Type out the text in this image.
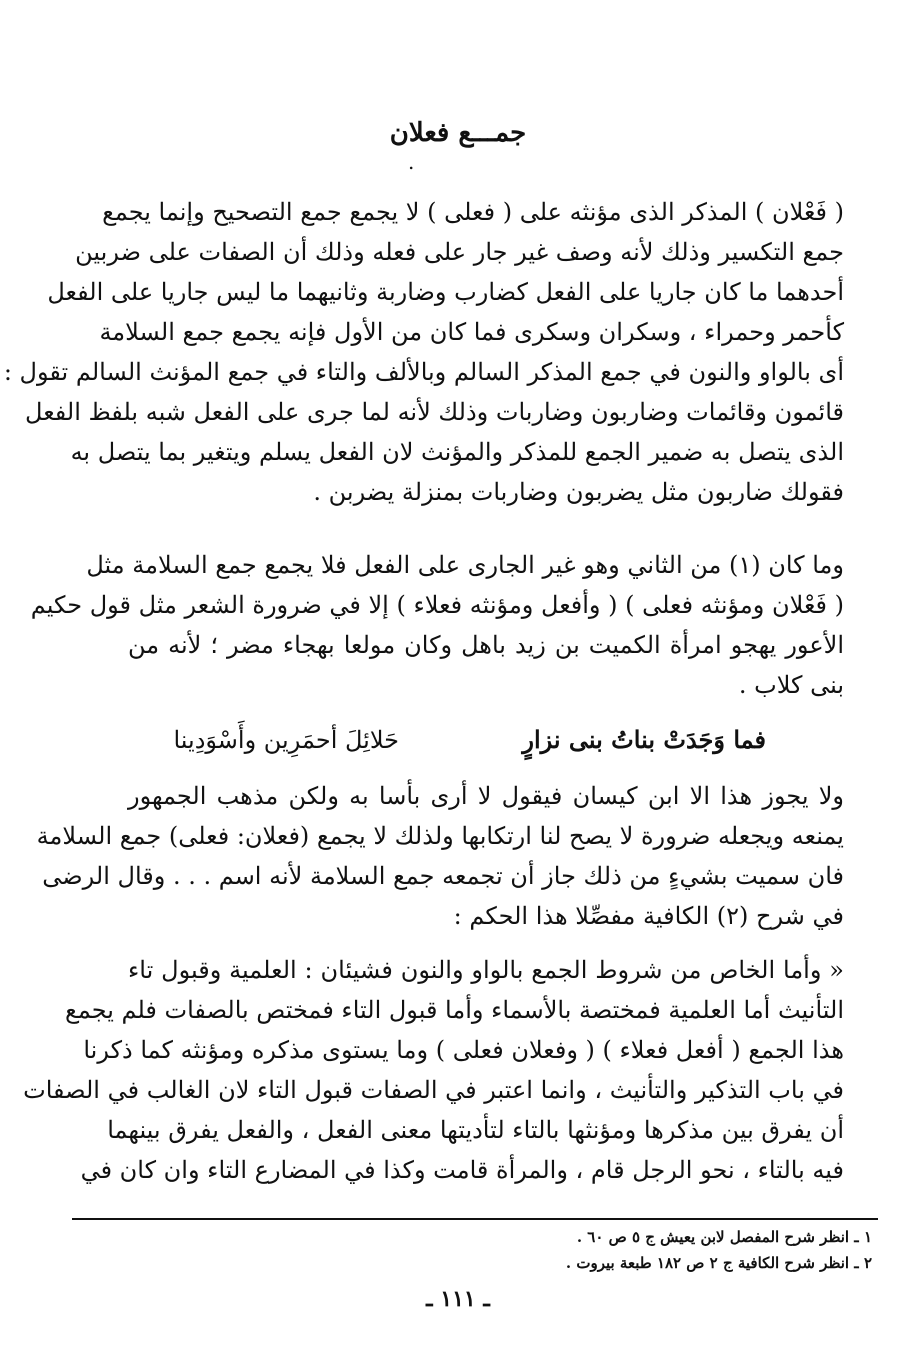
جمـــع فعلان
.
( فَعْلان ) المذكر الذى مؤنثه على ( فعلى ) لا يجمع جمع التصحيح وإنما يجمع
جمع التكسير وذلك لأنه وصف غير جار على فعله وذلك أن الصفات على ضربين
أحدهما ما كان جاريا على الفعل كضارب وضاربة وثانيهما ما ليس جاريا على الفعل
كأحمر وحمراء ، وسكران وسكرى فما كان من الأول فإنه يجمع جمع السلامة
أى بالواو والنون في جمع المذكر السالم وبالألف والتاء في جمع المؤنث السالم تقول :
قائمون وقائمات وضاربون وضاربات وذلك لأنه لما جرى على الفعل شبه بلفظ الفعل
الذى يتصل به ضمير الجمع للمذكر والمؤنث لان الفعل يسلم ويتغير بما يتصل به
فقولك ضاربون مثل يضربون وضاربات بمنزلة يضربن .
وما كان (١) من الثاني وهو غير الجارى على الفعل فلا يجمع جمع السلامة مثل
( فَعْلان ومؤنثه فعلى ) ( وأفعل ومؤنثه فعلاء ) إلا في ضرورة الشعر مثل قول حكيم
الأعور يهجو امرأة الكميت بن زيد باهل وكان مولعا بهجاء مضر ؛ لأنه من
بنى كلاب .
فما وَجَدَتْ بناتُ بنى نزارٍ
حَلائِلَ أحمَرِين وأَسْوَدِينا
ولا يجوز هذا الا ابن كيسان فيقول لا أرى بأسا به ولكن مذهب الجمهور
يمنعه ويجعله ضرورة لا يصح لنا ارتكابها ولذلك لا يجمع (فعلان: فعلى) جمع السلامة
فان سميت بشيءٍ من ذلك جاز أن تجمعه جمع السلامة لأنه اسم . . . وقال الرضى
في شرح (٢) الكافية مفصِّلا هذا الحكم :
« وأما الخاص من شروط الجمع بالواو والنون فشيئان : العلمية وقبول تاء
التأنيث أما العلمية فمختصة بالأسماء وأما قبول التاء فمختص بالصفات فلم يجمع
هذا الجمع ( أفعل فعلاء ) ( وفعلان فعلى ) وما يستوى مذكره ومؤنثه كما ذكرنا
في باب التذكير والتأنيث ، وانما اعتبر في الصفات قبول التاء لان الغالب في الصفات
أن يفرق بين مذكرها ومؤنثها بالتاء لتأديتها معنى الفعل ، والفعل يفرق بينهما
فيه بالتاء ، نحو الرجل قام ، والمرأة قامت وكذا في المضارع التاء وان كان في
١ ـ انظر شرح المفصل لابن يعيش ج ٥ ص ٦٠ .
٢ ـ انظر شرح الكافية ج ٢ ص ١٨٢ طبعة بيروت .
ـ ١١١ ـ
